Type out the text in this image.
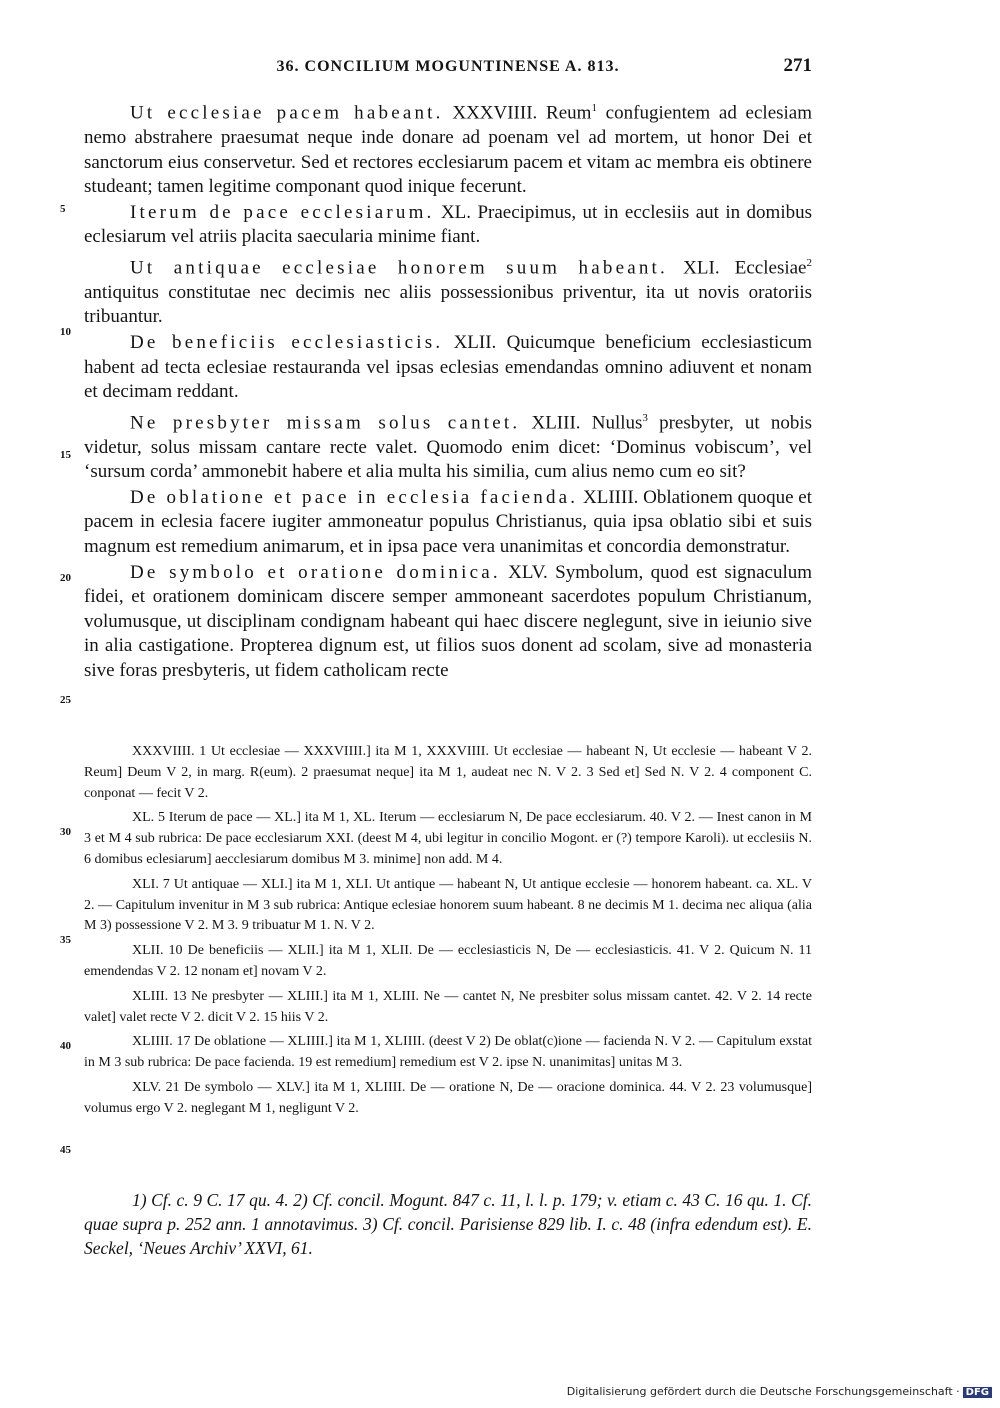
36. CONCILIUM MOGUNTINENSE A. 813.	271

Ut ecclesiae pacem habeant. XXXVIIII. Reum$^1$ confugientem ad eclesiam nemo abstrahere praesumat neque inde donare ad poenam vel ad mortem, ut honor Dei et sanctorum eius conservetur. Sed et rectores ecclesiarum pacem et vitam ac membra eis obtinere studeant; tamen legitime componant quod inique fecerunt.

Iterum de pace ecclesiarum. XL. Praecipimus, ut in ecclesiis aut in domibus eclesiarum vel atriis placita saecularia minime fiant.

Ut antiquae ecclesiae honorem suum habeant. XLI. Ecclesiae$^2$ antiquitus constitutae nec decimis nec aliis possessionibus priventur, ita ut novis oratoriis tribuantur.

De beneficiis ecclesiasticis. XLII. Quicumque beneficium ecclesiasticum habent ad tecta eclesiae restauranda vel ipsas eclesias emendandas omnino adiuvent et nonam et decimam reddant.

Ne presbyter missam solus cantet. XLIII. Nullus$^3$ presbyter, ut nobis videtur, solus missam cantare recte valet. Quomodo enim dicet: ‘Dominus vobiscum’, vel ‘sursum corda’ ammonebit habere et alia multa his similia, cum alius nemo cum eo sit?

De oblatione et pace in ecclesia facienda. XLIIII. Oblationem quoque et pacem in eclesia facere iugiter ammoneatur populus Christianus, quia ipsa oblatio sibi et suis magnum est remedium animarum, et in ipsa pace vera unanimitas et concordia demonstratur.

De symbolo et oratione dominica. XLV. Symbolum, quod est signaculum fidei, et orationem dominicam discere semper ammoneant sacerdotes populum Christianum, volumusque, ut disciplinam condignam habeant qui haec discere neglegunt, sive in ieiunio sive in alia castigatione. Propterea dignum est, ut filios suos donent ad scolam, sive ad monasteria sive foras presbyteris, ut fidem catholicam recte

5
10
15
20
25

XXXVIIII. 1 Ut ecclesiae — XXXVIIII.] ita M 1, XXXVIIII. Ut ecclesiae — habeant N, Ut ecclesie — habeant V 2. Reum] Deum V 2, in marg. R(eum). 2 praesumat neque] ita M 1, audeat nec N. V 2. 3 Sed et] Sed N. V 2. 4 component C. conponat — fecit V 2.

XL. 5 Iterum de pace — XL.] ita M 1, XL. Iterum — ecclesiarum N, De pace ecclesiarum. 40. V 2. — Inest canon in M 3 et M 4 sub rubrica: De pace ecclesiarum XXI. (deest M 4, ubi legitur in concilio Mogont. er (?) tempore Karoli). ut ecclesiis N. 6 domibus eclesiarum] aecclesiarum domibus M 3. minime] non add. M 4.

XLI. 7 Ut antiquae — XLI.] ita M 1, XLI. Ut antique — habeant N, Ut antique ecclesie — honorem habeant. ca. XL. V 2. — Capitulum invenitur in M 3 sub rubrica: Antique eclesiae honorem suum habeant. 8 ne decimis M 1. decima nec aliqua (alia M 3) possessione V 2. M 3. 9 tribuatur M 1. N. V 2.

XLII. 10 De beneficiis — XLII.] ita M 1, XLII. De — ecclesiasticis N, De — ecclesiasticis. 41. V 2. Quicum N. 11 emendendas V 2. 12 nonam et] novam V 2.

XLIII. 13 Ne presbyter — XLIII.] ita M 1, XLIII. Ne — cantet N, Ne presbiter solus missam cantet. 42. V 2. 14 recte valet] valet recte V 2. dicit V 2. 15 hiis V 2.

XLIIII. 17 De oblatione — XLIIII.] ita M 1, XLIIII. (deest V 2) De oblat(c)ione — facienda N. V 2. — Capitulum exstat in M 3 sub rubrica: De pace facienda. 19 est remedium] remedium est V 2. ipse N. unanimitas] unitas M 3.

XLV. 21 De symbolo — XLV.] ita M 1, XLIIII. De — oratione N, De — oracione dominica. 44. V 2. 23 volumusque] volumus ergo V 2. neglegant M 1, negligunt V 2.

30
35
40
45

1) Cf. c. 9 C. 17 qu. 4. 2) Cf. concil. Mogunt. 847 c. 11, l. l. p. 179; v. etiam c. 43 C. 16 qu. 1. Cf. quae supra p. 252 ann. 1 annotavimus. 3) Cf. concil. Parisiense 829 lib. I. c. 48 (infra edendum est). E. Seckel, ‘Neues Archiv’ XXVI, 61.

Digitalisierung gefördert durch die Deutsche Forschungsgemeinschaft · DFG
